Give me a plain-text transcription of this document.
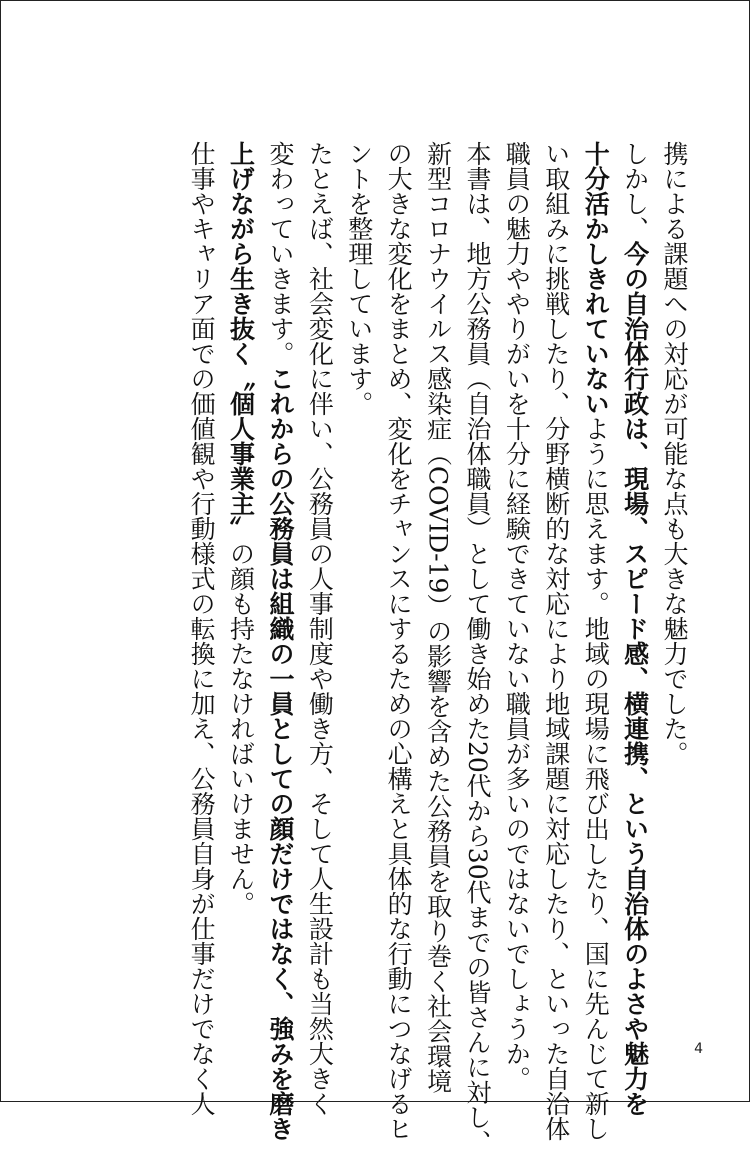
携による課題への対応が可能な点も大きな魅力でした。
しかし、今の自治体行政は、現場、スピード感、横連携、という自治体のよさや魅力を
十分活かしきれていないように思えます。地域の現場に飛び出したり、国に先んじて新し
い取組みに挑戦したり、分野横断的な対応により地域課題に対応したり、といった自治体
職員の魅力ややりがいを十分に経験できていない職員が多いのではないでしょうか。
本書は、地方公務員（自治体職員）として働き始めた20代から30代までの皆さんに対し、
新型コロナウイルス感染症（COVID‑19）の影響を含めた公務員を取り巻く社会環境
の大きな変化をまとめ、変化をチャンスにするための心構えと具体的な行動につなげるヒ
ントを整理しています。
たとえば、社会変化に伴い、公務員の人事制度や働き方、そして人生設計も当然大きく
変わっていきます。これからの公務員は組織の一員としての顔だけではなく、強みを磨き
上げながら生き抜く〝個人事業主〟の顔も持たなければいけません。
仕事やキャリア面での価値観や行動様式の転換に加え、公務員自身が仕事だけでなく人	4
